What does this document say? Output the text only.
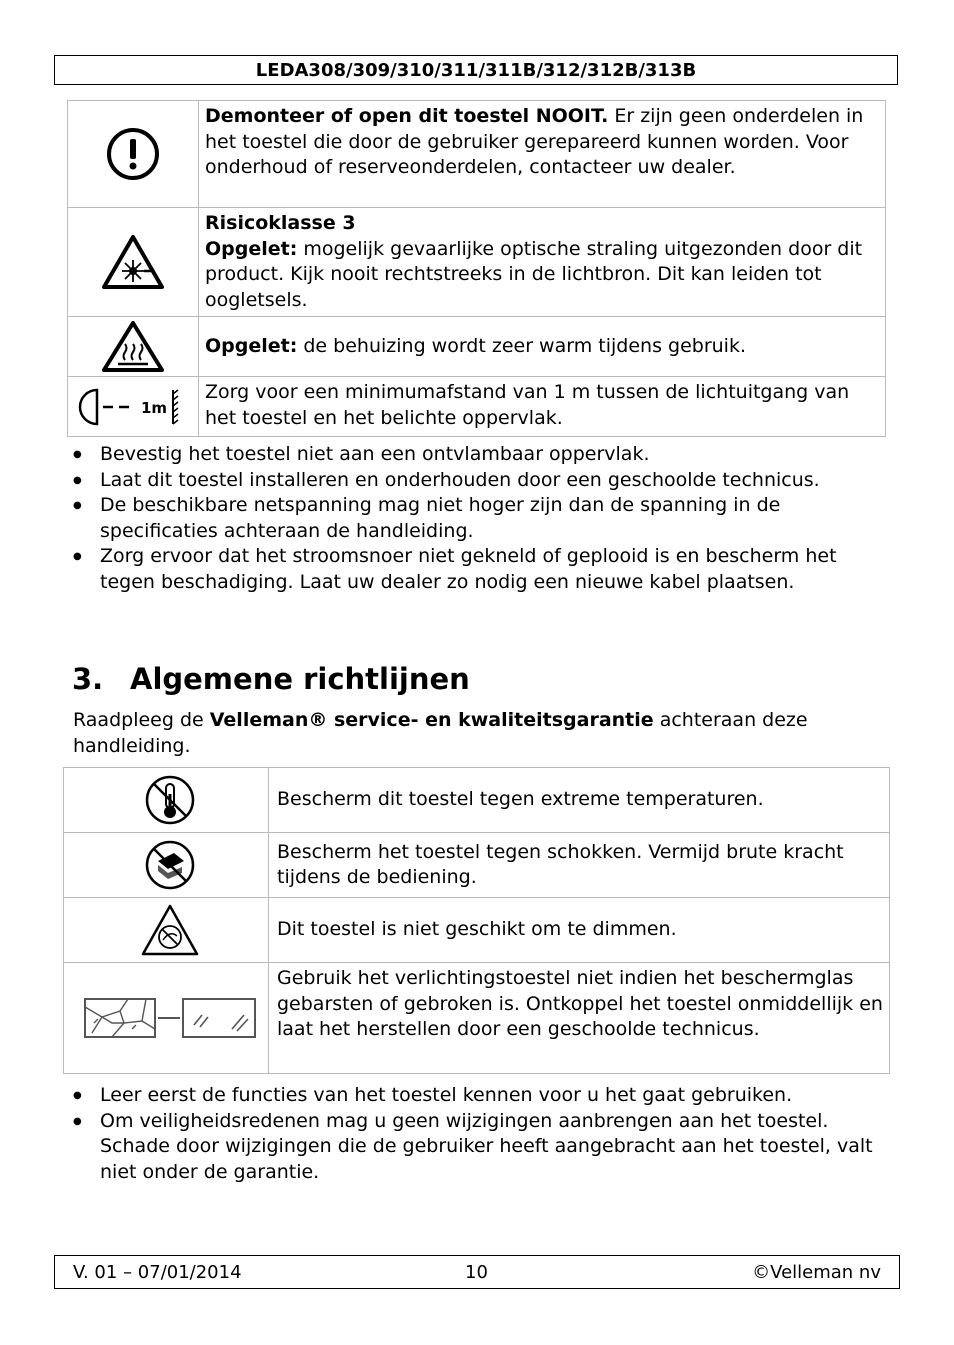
LEDA308/309/310/311/311B/312/312B/313B
	Demonteer of open dit toestel NOOIT. Er zijn geen onderdelen in het toestel die door de gebruiker gerepareerd kunnen worden. Voor onderhoud of reserveonderdelen, contacteer uw dealer.

	Risicoklasse 3
Opgelet: mogelijk gevaarlijke optische straling uitgezonden door dit product. Kijk nooit rechtstreeks in de lichtbron. Dit kan leiden tot oogletsels.

	Opgelet: de behuizing wordt zeer warm tijdens gebruik.

1m	Zorg voor een minimumafstand van 1 m tussen de lichtuitgang van het toestel en het belichte oppervlak.
● Bevestig het toestel niet aan een ontvlambaar oppervlak.
● Laat dit toestel installeren en onderhouden door een geschoolde technicus.
● De beschikbare netspanning mag niet hoger zijn dan de spanning in de specificaties achteraan de handleiding.
● Zorg ervoor dat het stroomsnoer niet gekneld of geplooid is en bescherm het tegen beschadiging. Laat uw dealer zo nodig een nieuwe kabel plaatsen.
3. Algemene richtlijnen
Raadpleeg de Velleman® service- en kwaliteitsgarantie achteraan deze handleiding.
	Bescherm dit toestel tegen extreme temperaturen.

	Bescherm het toestel tegen schokken. Vermijd brute kracht tijdens de bediening.

	Dit toestel is niet geschikt om te dimmen.

	Gebruik het verlichtingstoestel niet indien het beschermglas gebarsten of gebroken is. Ontkoppel het toestel onmiddellijk en laat het herstellen door een geschoolde technicus.
● Leer eerst de functies van het toestel kennen voor u het gaat gebruiken.
● Om veiligheidsredenen mag u geen wijzigingen aanbrengen aan het toestel. Schade door wijzigingen die de gebruiker heeft aangebracht aan het toestel, valt niet onder de garantie.
V. 01 – 07/01/2014	10	©Velleman nv
